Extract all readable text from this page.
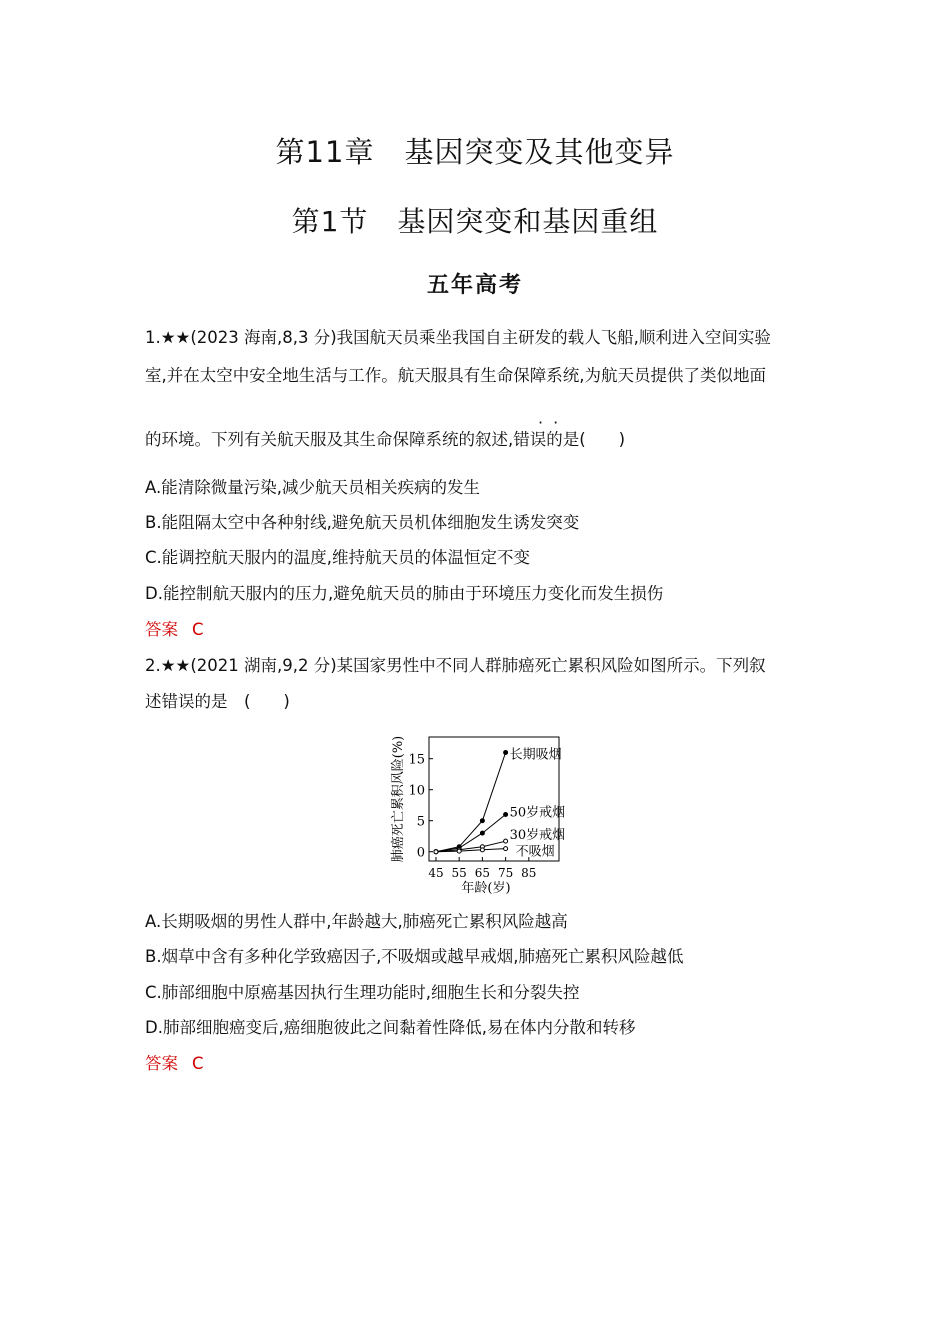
第11章　基因突变及其他变异
第1节　基因突变和基因重组
五年高考
1.★★(2023 海南,8,3 分)我国航天员乘坐我国自主研发的载人飞船,顺利进入空间实验
室,并在太空中安全地生活与工作。航天服具有生命保障系统,为航天员提供了类似地面
··
的环境。下列有关航天服及其生命保障系统的叙述,错误的是(　　)
A.能清除微量污染,减少航天员相关疾病的发生
B.能阻隔太空中各种射线,避免航天员机体细胞发生诱发突变
C.能调控航天服内的温度,维持航天员的体温恒定不变
D.能控制航天服内的压力,避免航天员的肺由于环境压力变化而发生损伤
答案 C
2.★★(2021 湖南,9,2 分)某国家男性中不同人群肺癌死亡累积风险如图所示。下列叙
述错误的是　(　　)
肺癌死亡累积风险(%)
年龄(岁)
0
5
10
15
45 55 65 75 85
长期吸烟
50岁戒烟
30岁戒烟
不吸烟
A.长期吸烟的男性人群中,年龄越大,肺癌死亡累积风险越高
B.烟草中含有多种化学致癌因子,不吸烟或越早戒烟,肺癌死亡累积风险越低
C.肺部细胞中原癌基因执行生理功能时,细胞生长和分裂失控
D.肺部细胞癌变后,癌细胞彼此之间黏着性降低,易在体内分散和转移
答案 C
